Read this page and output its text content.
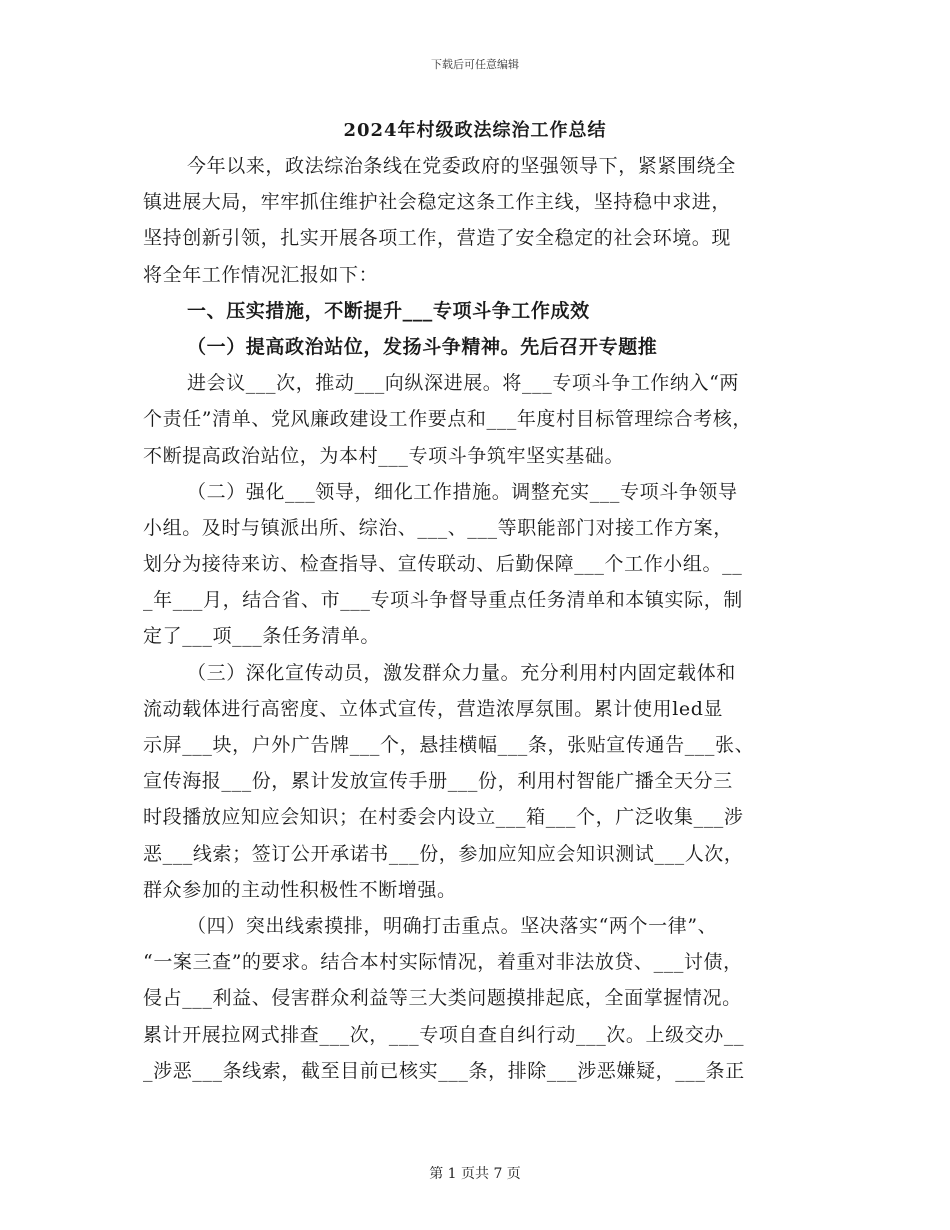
下载后可任意编辑
2024年村级政法综治工作总结
今年以来，政法综治条线在党委政府的坚强领导下，紧紧围绕全
镇进展大局，牢牢抓住维护社会稳定这条工作主线，坚持稳中求进，
坚持创新引领，扎实开展各项工作，营造了安全稳定的社会环境。现
将全年工作情况汇报如下：
一、压实措施，不断提升___专项斗争工作成效
（一）提高政治站位，发扬斗争精神。先后召开专题推
进会议___次，推动___向纵深进展。将___专项斗争工作纳入“两
个责任”清单、党风廉政建设工作要点和___年度村目标管理综合考核，
不断提高政治站位，为本村___专项斗争筑牢坚实基础。
（二）强化___领导，细化工作措施。调整充实___专项斗争领导
小组。及时与镇派出所、综治、___、___等职能部门对接工作方案，
划分为接待来访、检查指导、宣传联动、后勤保障___个工作小组。__
_年___月，结合省、市___专项斗争督导重点任务清单和本镇实际，制
定了___项___条任务清单。
（三）深化宣传动员，激发群众力量。充分利用村内固定载体和
流动载体进行高密度、立体式宣传，营造浓厚氛围。累计使用led显
示屏___块，户外广告牌___个，悬挂横幅___条，张贴宣传通告___张、
宣传海报___份，累计发放宣传手册___份，利用村智能广播全天分三
时段播放应知应会知识；在村委会内设立___箱___个，广泛收集___涉
恶___线索；签订公开承诺书___份，参加应知应会知识测试___人次，
群众参加的主动性积极性不断增强。
（四）突出线索摸排，明确打击重点。坚决落实“两个一律”、
“一案三查”的要求。结合本村实际情况，着重对非法放贷、___讨债，
侵占___利益、侵害群众利益等三大类问题摸排起底，全面掌握情况。
累计开展拉网式排查___次，___专项自查自纠行动___次。上级交办__
_涉恶___条线索，截至目前已核实___条，排除___涉恶嫌疑，___条正
第 1 页共 7 页
